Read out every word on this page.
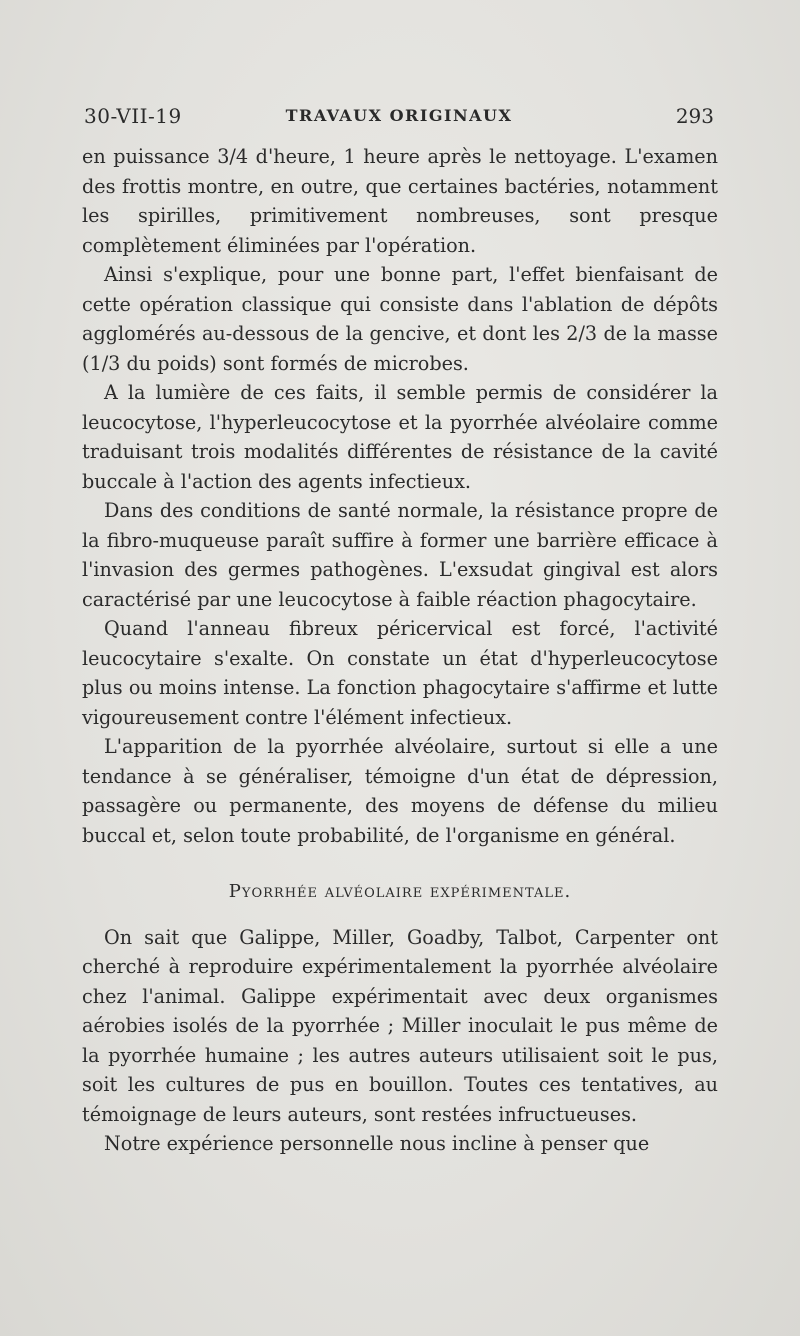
30-VII-19	TRAVAUX ORIGINAUX	293

en puissance 3/4 d'heure, 1 heure après le nettoyage. L'examen des frottis montre, en outre, que certaines bactéries, notamment les spirilles, primitivement nombreuses, sont presque complètement éliminées par l'opération.

Ainsi s'explique, pour une bonne part, l'effet bienfaisant de cette opération classique qui consiste dans l'ablation de dépôts agglomérés au-dessous de la gencive, et dont les 2/3 de la masse (1/3 du poids) sont formés de microbes.

A la lumière de ces faits, il semble permis de considérer la leucocytose, l'hyperleucocytose et la pyorrhée alvéolaire comme traduisant trois modalités différentes de résistance de la cavité buccale à l'action des agents infectieux.

Dans des conditions de santé normale, la résistance propre de la fibro-muqueuse paraît suffire à former une barrière efficace à l'invasion des germes pathogènes. L'exsudat gingival est alors caractérisé par une leucocytose à faible réaction phagocytaire.

Quand l'anneau fibreux péricervical est forcé, l'activité leucocytaire s'exalte. On constate un état d'hyperleucocytose plus ou moins intense. La fonction phagocytaire s'affirme et lutte vigoureusement contre l'élément infectieux.

L'apparition de la pyorrhée alvéolaire, surtout si elle a une tendance à se généraliser, témoigne d'un état de dépression, passagère ou permanente, des moyens de défense du milieu buccal et, selon toute probabilité, de l'organisme en général.

Pyorrhée alvéolaire expérimentale.

On sait que Galippe, Miller, Goadby, Talbot, Carpenter ont cherché à reproduire expérimentalement la pyorrhée alvéolaire chez l'animal. Galippe expérimentait avec deux organismes aérobies isolés de la pyorrhée ; Miller inoculait le pus même de la pyorrhée humaine ; les autres auteurs utilisaient soit le pus, soit les cultures de pus en bouillon. Toutes ces tentatives, au témoignage de leurs auteurs, sont restées infructueuses.

Notre expérience personnelle nous incline à penser que
